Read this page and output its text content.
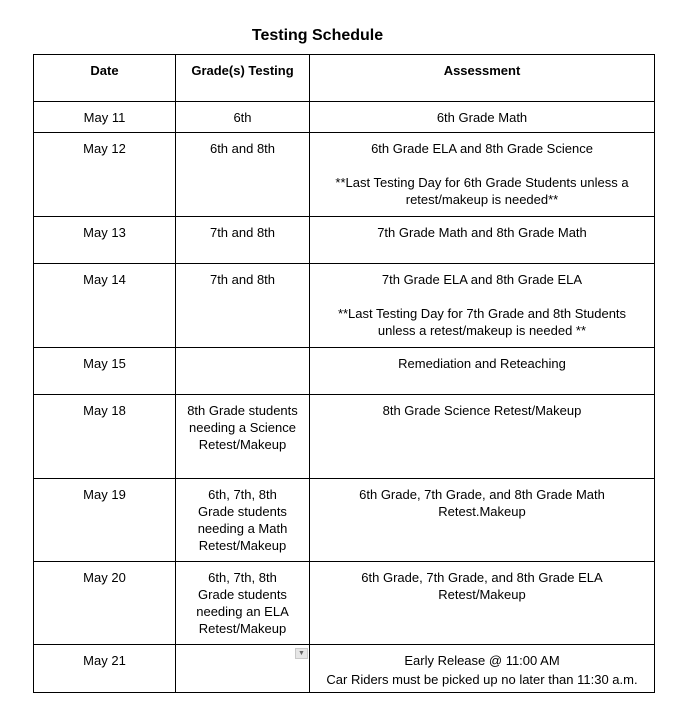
Testing Schedule
Date	Grade(s) Testing	Assessment
May 11	6th	6th Grade Math

May 12	6th and 8th	6th Grade ELA and 8th Grade Science
**Last Testing Day for 6th Grade Students unless a retest/makeup is needed**

May 13	7th and 8th	7th Grade Math and 8th Grade Math

May 14	7th and 8th	7th Grade ELA and 8th Grade ELA
**Last Testing Day for 7th Grade and 8th Students unless a retest/makeup is needed **

May 15		Remediation and Reteaching

May 18	8th Grade students needing a Science Retest/Makeup	8th Grade Science Retest/Makeup

May 19	6th, 7th, 8th Grade students needing a Math Retest/Makeup	6th Grade, 7th Grade, and 8th Grade Math Retest.Makeup

May 20	6th, 7th, 8th Grade students needing an ELA Retest/Makeup	6th Grade, 7th Grade, and 8th Grade ELA Retest/Makeup

May 21	▼	Early Release @ 11:00 AM
Car Riders must be picked up no later than 11:30 a.m.
